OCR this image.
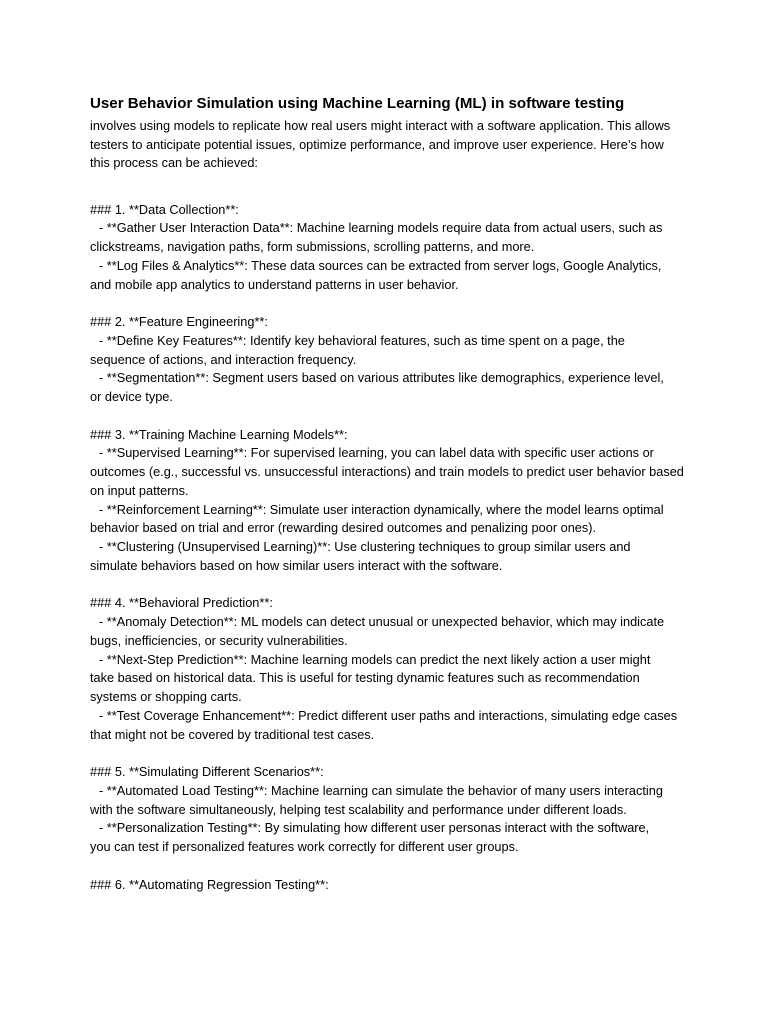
User Behavior Simulation using Machine Learning (ML) in software testing
involves using models to replicate how real users might interact with a software application. This allows
testers to anticipate potential issues, optimize performance, and improve user experience. Here’s how
this process can be achieved:
### 1. **Data Collection**:
- **Gather User Interaction Data**: Machine learning models require data from actual users, such as
clickstreams, navigation paths, form submissions, scrolling patterns, and more.
- **Log Files & Analytics**: These data sources can be extracted from server logs, Google Analytics,
and mobile app analytics to understand patterns in user behavior.
### 2. **Feature Engineering**:
- **Define Key Features**: Identify key behavioral features, such as time spent on a page, the
sequence of actions, and interaction frequency.
- **Segmentation**: Segment users based on various attributes like demographics, experience level,
or device type.
### 3. **Training Machine Learning Models**:
- **Supervised Learning**: For supervised learning, you can label data with specific user actions or
outcomes (e.g., successful vs. unsuccessful interactions) and train models to predict user behavior based
on input patterns.
- **Reinforcement Learning**: Simulate user interaction dynamically, where the model learns optimal
behavior based on trial and error (rewarding desired outcomes and penalizing poor ones).
- **Clustering (Unsupervised Learning)**: Use clustering techniques to group similar users and
simulate behaviors based on how similar users interact with the software.
### 4. **Behavioral Prediction**:
- **Anomaly Detection**: ML models can detect unusual or unexpected behavior, which may indicate
bugs, inefficiencies, or security vulnerabilities.
- **Next-Step Prediction**: Machine learning models can predict the next likely action a user might
take based on historical data. This is useful for testing dynamic features such as recommendation
systems or shopping carts.
- **Test Coverage Enhancement**: Predict different user paths and interactions, simulating edge cases
that might not be covered by traditional test cases.
### 5. **Simulating Different Scenarios**:
- **Automated Load Testing**: Machine learning can simulate the behavior of many users interacting
with the software simultaneously, helping test scalability and performance under different loads.
- **Personalization Testing**: By simulating how different user personas interact with the software,
you can test if personalized features work correctly for different user groups.
### 6. **Automating Regression Testing**:
